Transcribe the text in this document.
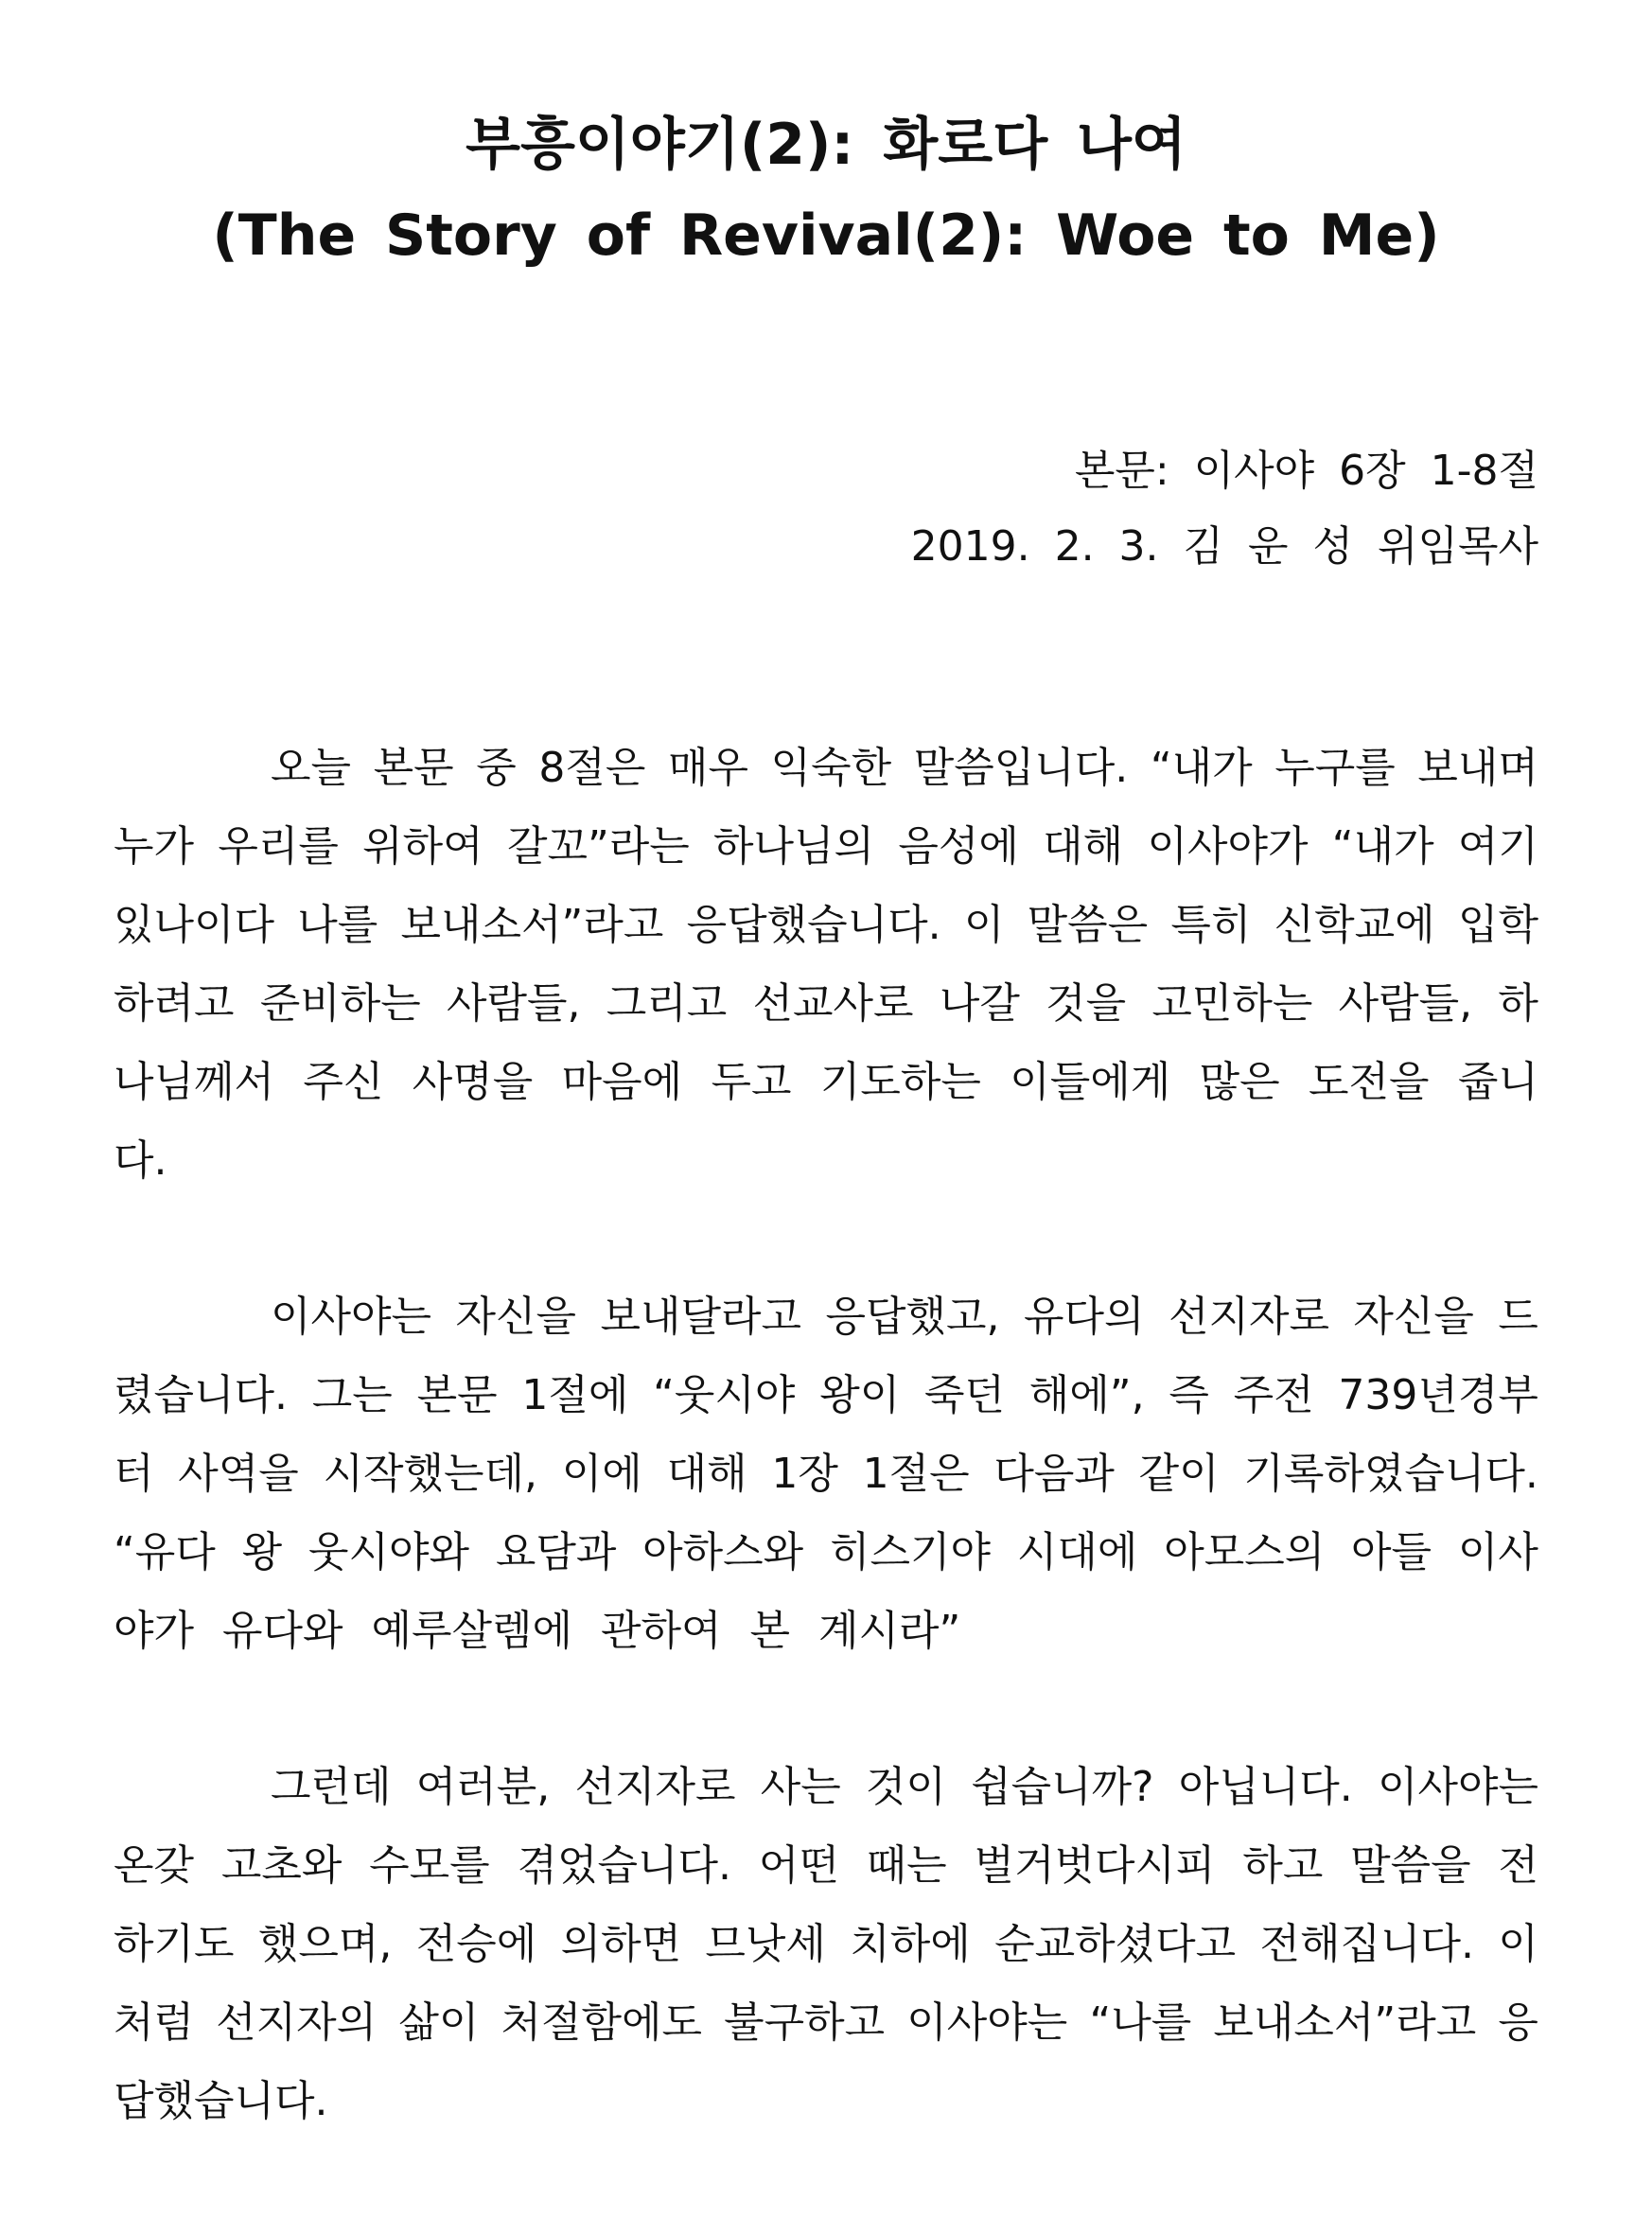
부흥이야기(2): 화로다 나여
(The Story of Revival(2): Woe to Me)
본문: 이사야 6장 1-8절
2019. 2. 3. 김 운 성 위임목사
오늘 본문 중 8절은 매우 익숙한 말씀입니다. “내가 누구를 보내며
누가 우리를 위하여 갈꼬”라는 하나님의 음성에 대해 이사야가 “내가 여기
있나이다 나를 보내소서”라고 응답했습니다. 이 말씀은 특히 신학교에 입학
하려고 준비하는 사람들, 그리고 선교사로 나갈 것을 고민하는 사람들, 하
나님께서 주신 사명을 마음에 두고 기도하는 이들에게 많은 도전을 줍니
다.
이사야는 자신을 보내달라고 응답했고, 유다의 선지자로 자신을 드
렸습니다. 그는 본문 1절에 “웃시야 왕이 죽던 해에”, 즉 주전 739년경부
터 사역을 시작했는데, 이에 대해 1장 1절은 다음과 같이 기록하였습니다.
“유다 왕 웃시야와 요담과 아하스와 히스기야 시대에 아모스의 아들 이사
야가 유다와 예루살렘에 관하여 본 계시라”
그런데 여러분, 선지자로 사는 것이 쉽습니까? 아닙니다. 이사야는
온갖 고초와 수모를 겪었습니다. 어떤 때는 벌거벗다시피 하고 말씀을 전
하기도 했으며, 전승에 의하면 므낫세 치하에 순교하셨다고 전해집니다. 이
처럼 선지자의 삶이 처절함에도 불구하고 이사야는 “나를 보내소서”라고 응
답했습니다.
